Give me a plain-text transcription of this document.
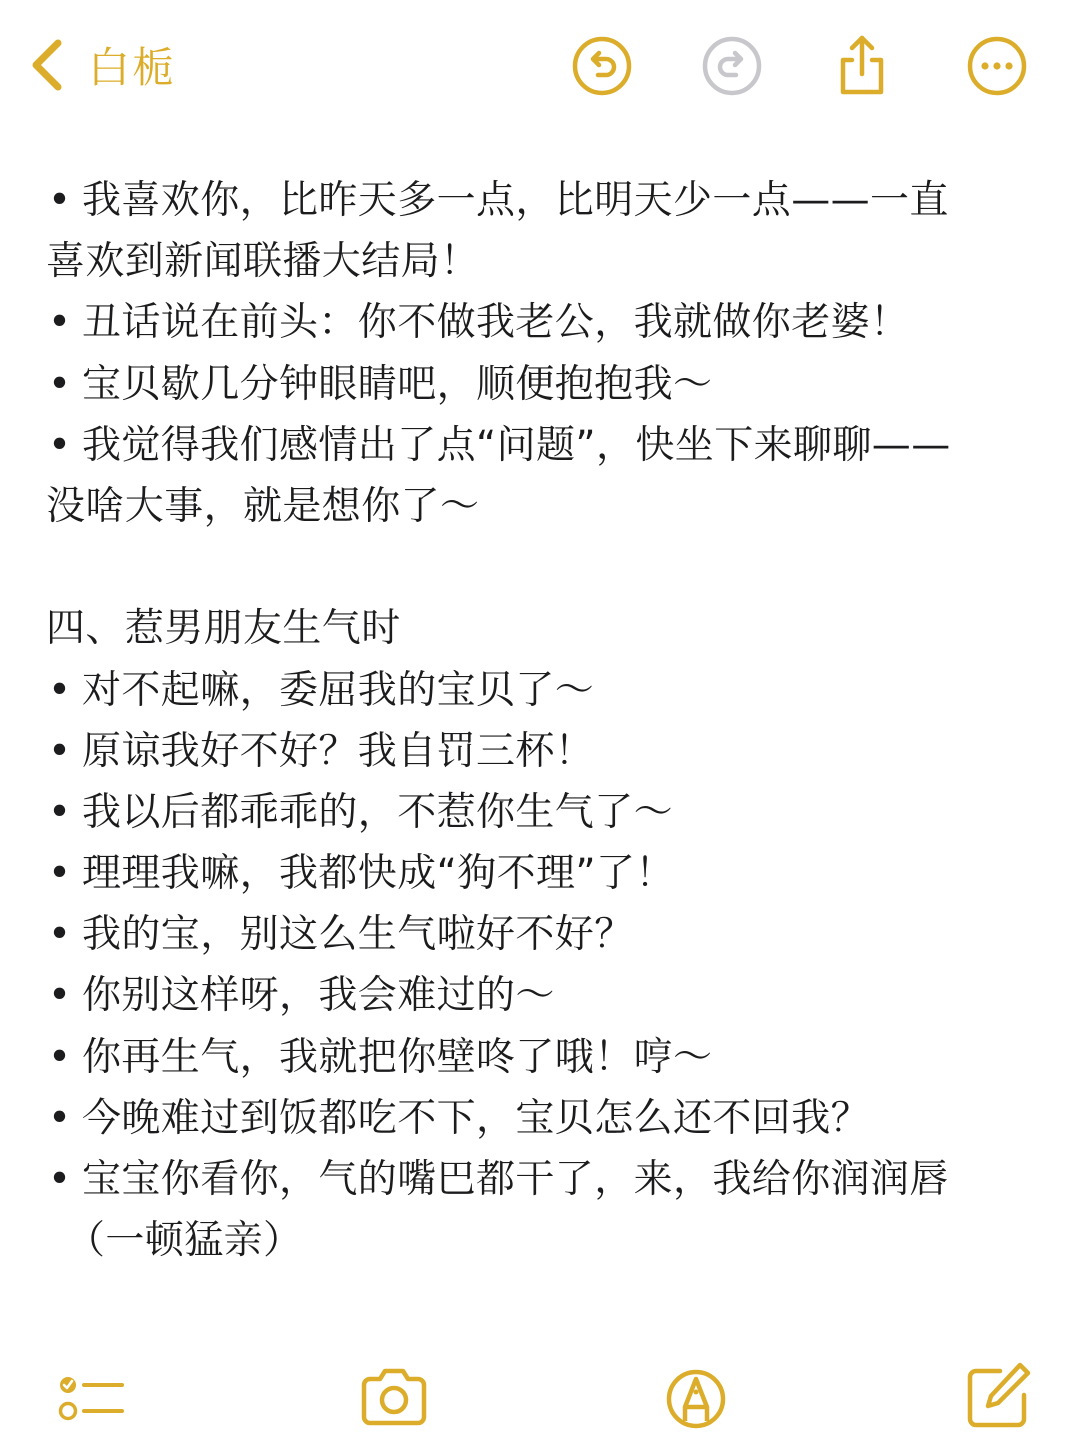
白栀
• 我喜欢你，比昨天多一点，比明天少一点——一直
喜欢到新闻联播大结局！
• 丑话说在前头：你不做我老公，我就做你老婆！
• 宝贝歇几分钟眼睛吧，顺便抱抱我～
• 我觉得我们感情出了点“问题”，快坐下来聊聊——
没啥大事，就是想你了～
四、惹男朋友生气时
• 对不起嘛，委屈我的宝贝了～
• 原谅我好不好？我自罚三杯！
• 我以后都乖乖的，不惹你生气了～
• 理理我嘛，我都快成“狗不理”了！
• 我的宝，别这么生气啦好不好？
• 你别这样呀，我会难过的～
• 你再生气，我就把你壁咚了哦！哼～
• 今晚难过到饭都吃不下，宝贝怎么还不回我？
• 宝宝你看你，气的嘴巴都干了，来，我给你润润唇
（一顿猛亲）
